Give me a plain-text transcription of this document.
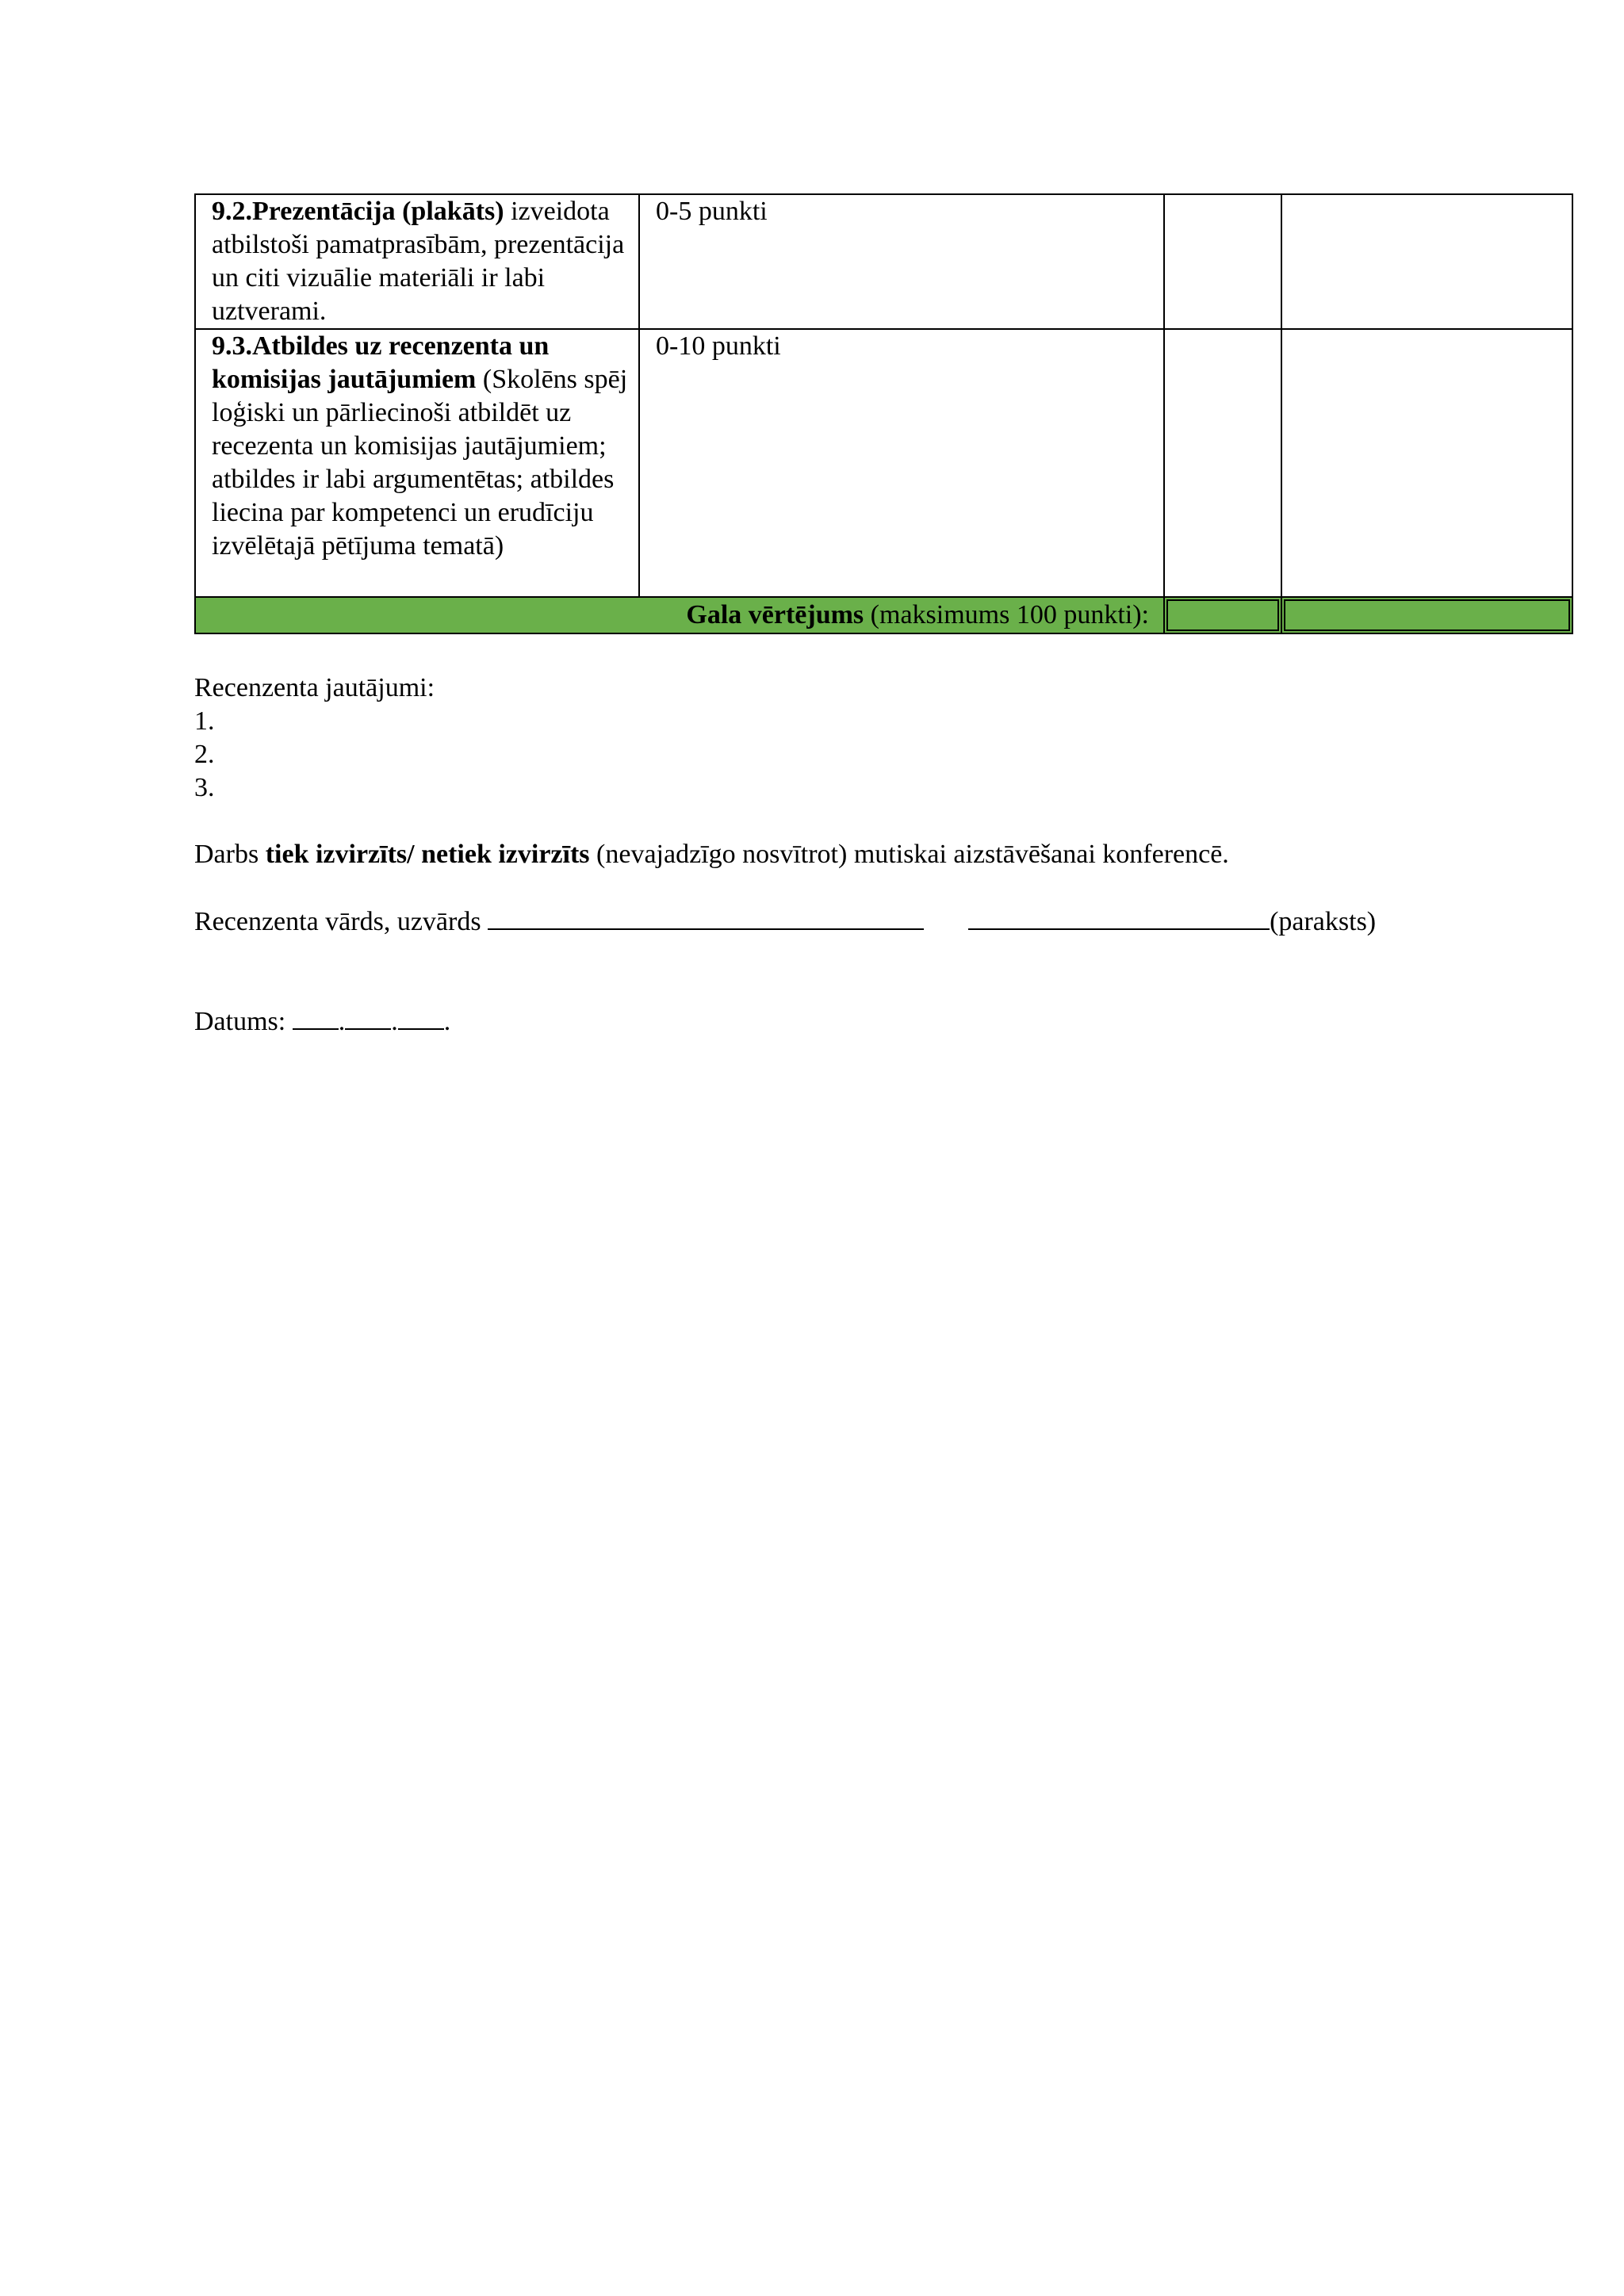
9.2.Prezentācija (plakāts) izveidota atbilstoši pamatprasībām, prezentācija un citi vizuālie materiāli ir labi uztverami.	0-5 punkti		
9.3.Atbildes uz recenzenta un komisijas jautājumiem (Skolēns spēj loģiski un pārliecinoši atbildēt uz recezenta un komisijas jautājumiem; atbildes ir labi argumentētas; atbildes liecina par kompetenci un erudīciju izvēlētajā pētījuma tematā)	0-10 punkti		
Gala vērtējums (maksimums 100 punkti):		

Recenzenta jautājumi:
1.
2.
3.
Darbs tiek izvirzīts/ netiek izvirzīts (nevajadzīgo nosvītrot) mutiskai aizstāvēšanai konferencē.
Recenzenta vārds, uzvārds	(paraksts)
Datums: . . .
